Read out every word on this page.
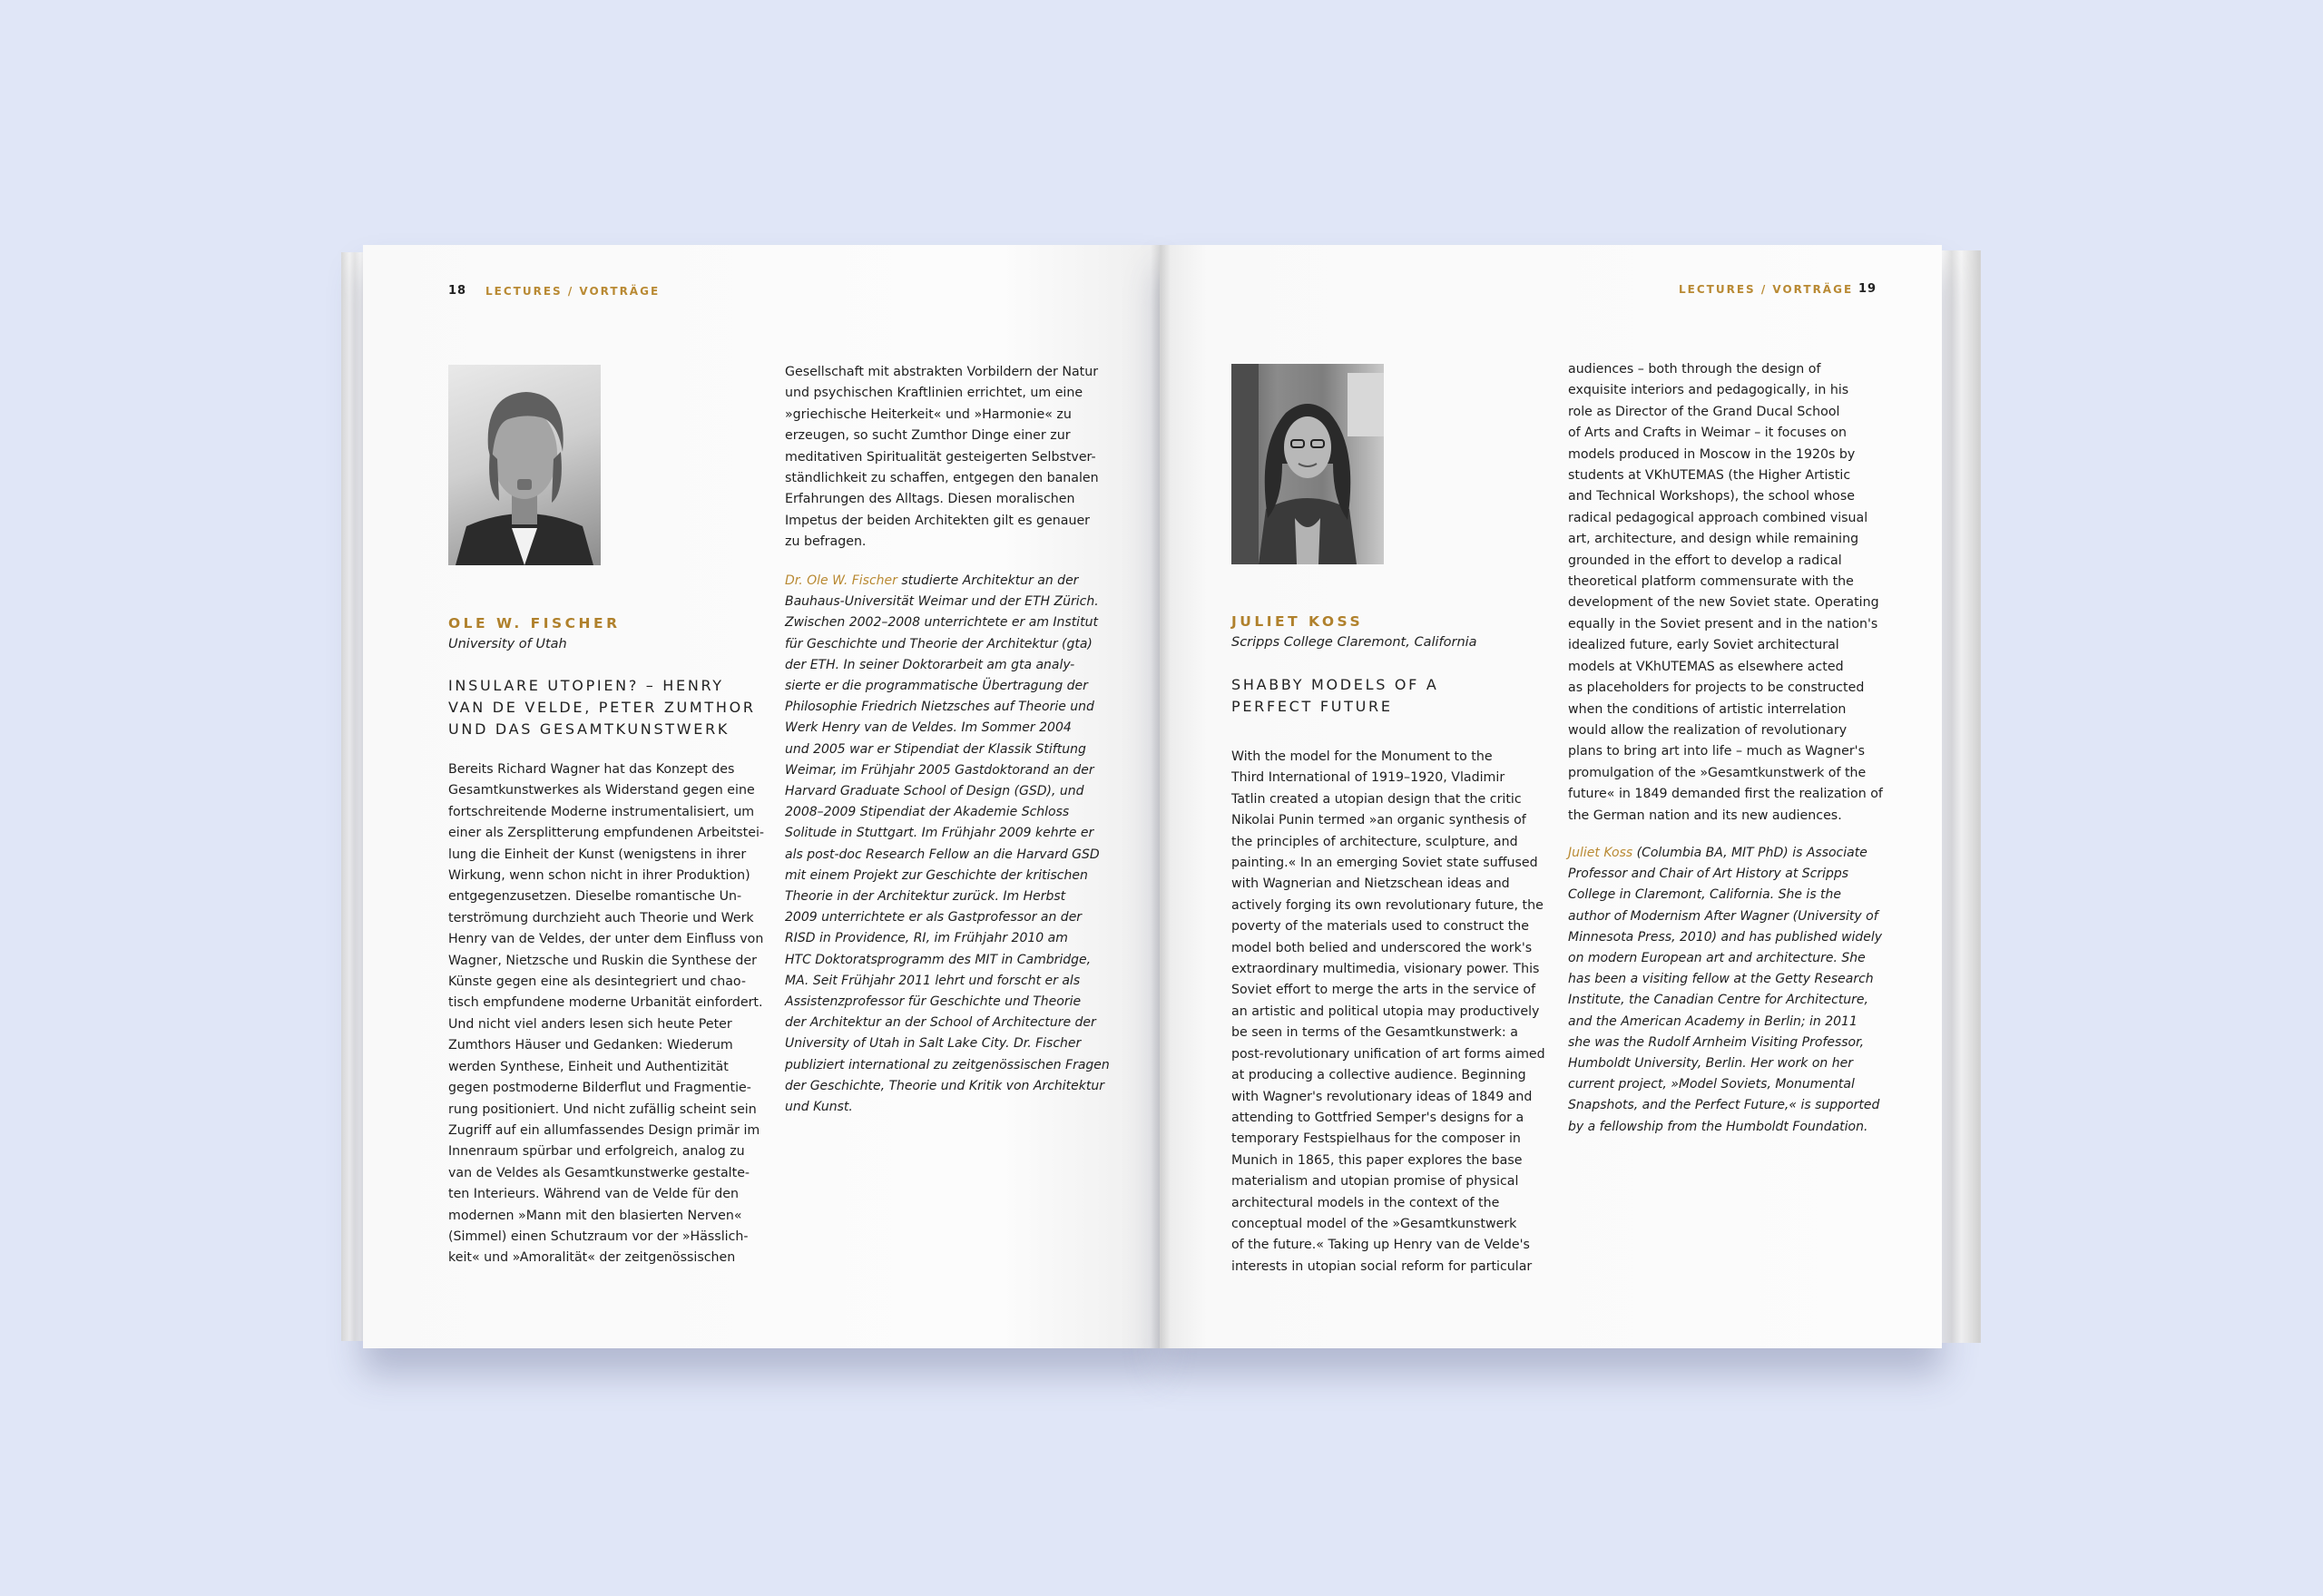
18 LECTURES / VORTRÄGE
OLE W. FISCHER
University of Utah
INSULARE UTOPIEN? – HENRY VAN DE VELDE, PETER ZUMTHOR UND DAS GESAMTKUNSTWERK
Bereits Richard Wagner hat das Konzept des
Gesamtkunstwerkes als Widerstand gegen eine
fortschreitende Moderne instrumentalisiert, um
einer als Zersplitterung empfundenen Arbeitstei-
lung die Einheit der Kunst (wenigstens in ihrer
Wirkung, wenn schon nicht in ihrer Produktion)
entgegenzusetzen. Dieselbe romantische Un-
terströmung durchzieht auch Theorie und Werk
Henry van de Veldes, der unter dem Einfluss von
Wagner, Nietzsche und Ruskin die Synthese der
Künste gegen eine als desintegriert und chao-
tisch empfundene moderne Urbanität einfordert.
Und nicht viel anders lesen sich heute Peter
Zumthors Häuser und Gedanken: Wiederum
werden Synthese, Einheit und Authentizität
gegen postmoderne Bilderflut und Fragmentie-
rung positioniert. Und nicht zufällig scheint sein
Zugriff auf ein allumfassendes Design primär im
Innenraum spürbar und erfolgreich, analog zu
van de Veldes als Gesamtkunstwerke gestalte-
ten Interieurs. Während van de Velde für den
modernen »Mann mit den blasierten Nerven«
(Simmel) einen Schutzraum vor der »Hässlich-
keit« und »Amoralität« der zeitgenössischen
Gesellschaft mit abstrakten Vorbildern der Natur
und psychischen Kraftlinien errichtet, um eine
»griechische Heiterkeit« und »Harmonie« zu
erzeugen, so sucht Zumthor Dinge einer zur
meditativen Spiritualität gesteigerten Selbstver-
ständlichkeit zu schaffen, entgegen den banalen
Erfahrungen des Alltags. Diesen moralischen
Impetus der beiden Architekten gilt es genauer
zu befragen.
Dr. Ole W. Fischer studierte Architektur an der
Bauhaus-Universität Weimar und der ETH Zürich.
Zwischen 2002–2008 unterrichtete er am Institut
für Geschichte und Theorie der Architektur (gta)
der ETH. In seiner Doktorarbeit am gta analy-
sierte er die programmatische Übertragung der
Philosophie Friedrich Nietzsches auf Theorie und
Werk Henry van de Veldes. Im Sommer 2004
und 2005 war er Stipendiat der Klassik Stiftung
Weimar, im Frühjahr 2005 Gastdoktorand an der
Harvard Graduate School of Design (GSD), und
2008–2009 Stipendiat der Akademie Schloss
Solitude in Stuttgart. Im Frühjahr 2009 kehrte er
als post-doc Research Fellow an die Harvard GSD
mit einem Projekt zur Geschichte der kritischen
Theorie in der Architektur zurück. Im Herbst
2009 unterrichtete er als Gastprofessor an der
RISD in Providence, RI, im Frühjahr 2010 am
HTC Doktoratsprogramm des MIT in Cambridge,
MA. Seit Frühjahr 2011 lehrt und forscht er als
Assistenzprofessor für Geschichte und Theorie
der Architektur an der School of Architecture der
University of Utah in Salt Lake City. Dr. Fischer
publiziert international zu zeitgenössischen Fragen
der Geschichte, Theorie und Kritik von Architektur
und Kunst.
LECTURES / VORTRÄGE 19
JULIET KOSS
Scripps College Claremont, California
SHABBY MODELS OF A PERFECT FUTURE
With the model for the Monument to the
Third International of 1919–1920, Vladimir
Tatlin created a utopian design that the critic
Nikolai Punin termed »an organic synthesis of
the principles of architecture, sculpture, and
painting.« In an emerging Soviet state suffused
with Wagnerian and Nietzschean ideas and
actively forging its own revolutionary future, the
poverty of the materials used to construct the
model both belied and underscored the work's
extraordinary multimedia, visionary power. This
Soviet effort to merge the arts in the service of
an artistic and political utopia may productively
be seen in terms of the Gesamtkunstwerk: a
post-revolutionary unification of art forms aimed
at producing a collective audience. Beginning
with Wagner's revolutionary ideas of 1849 and
attending to Gottfried Semper's designs for a
temporary Festspielhaus for the composer in
Munich in 1865, this paper explores the base
materialism and utopian promise of physical
architectural models in the context of the
conceptual model of the »Gesamtkunstwerk
of the future.« Taking up Henry van de Velde's
interests in utopian social reform for particular
audiences – both through the design of
exquisite interiors and pedagogically, in his
role as Director of the Grand Ducal School
of Arts and Crafts in Weimar – it focuses on
models produced in Moscow in the 1920s by
students at VKhUTEMAS (the Higher Artistic
and Technical Workshops), the school whose
radical pedagogical approach combined visual
art, architecture, and design while remaining
grounded in the effort to develop a radical
theoretical platform commensurate with the
development of the new Soviet state. Operating
equally in the Soviet present and in the nation's
idealized future, early Soviet architectural
models at VKhUTEMAS as elsewhere acted
as placeholders for projects to be constructed
when the conditions of artistic interrelation
would allow the realization of revolutionary
plans to bring art into life – much as Wagner's
promulgation of the »Gesamtkunstwerk of the
future« in 1849 demanded first the realization of
the German nation and its new audiences.
Juliet Koss (Columbia BA, MIT PhD) is Associate
Professor and Chair of Art History at Scripps
College in Claremont, California. She is the
author of Modernism After Wagner (University of
Minnesota Press, 2010) and has published widely
on modern European art and architecture. She
has been a visiting fellow at the Getty Research
Institute, the Canadian Centre for Architecture,
and the American Academy in Berlin; in 2011
she was the Rudolf Arnheim Visiting Professor,
Humboldt University, Berlin. Her work on her
current project, »Model Soviets, Monumental
Snapshots, and the Perfect Future,« is supported
by a fellowship from the Humboldt Foundation.
